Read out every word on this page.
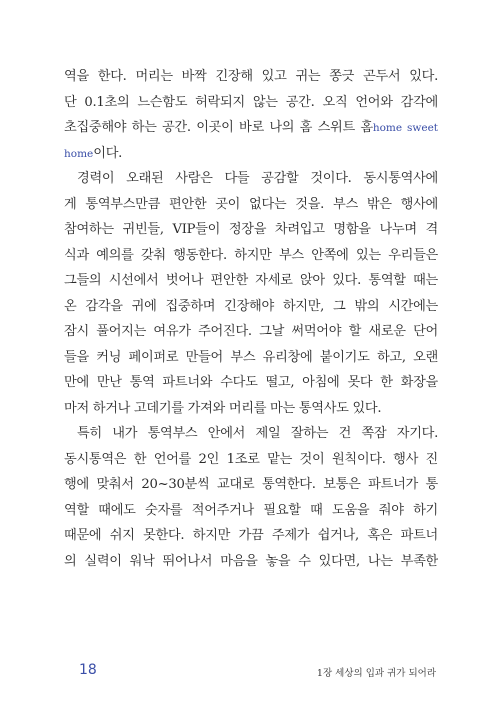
역을 한다. 머리는 바짝 긴장해 있고 귀는 쫑긋 곤두서 있다.
단 0.1초의 느슨함도 허락되지 않는 공간. 오직 언어와 감각에
초집중해야 하는 공간. 이곳이 바로 나의 홈 스위트 홈home sweet
home이다.
경력이 오래된 사람은 다들 공감할 것이다. 동시통역사에
게 통역부스만큼 편안한 곳이 없다는 것을. 부스 밖은 행사에
참여하는 귀빈들, VIP들이 정장을 차려입고 명함을 나누며 격
식과 예의를 갖춰 행동한다. 하지만 부스 안쪽에 있는 우리들은
그들의 시선에서 벗어나 편안한 자세로 앉아 있다. 통역할 때는
온 감각을 귀에 집중하며 긴장해야 하지만, 그 밖의 시간에는
잠시 풀어지는 여유가 주어진다. 그날 써먹어야 할 새로운 단어
들을 커닝 페이퍼로 만들어 부스 유리창에 붙이기도 하고, 오랜
만에 만난 통역 파트너와 수다도 떨고, 아침에 못다 한 화장을
마저 하거나 고데기를 가져와 머리를 마는 통역사도 있다.
특히 내가 통역부스 안에서 제일 잘하는 건 쪽잠 자기다.
동시통역은 한 언어를 2인 1조로 맡는 것이 원칙이다. 행사 진
행에 맞춰서 20~30분씩 교대로 통역한다. 보통은 파트너가 통
역할 때에도 숫자를 적어주거나 필요할 때 도움을 줘야 하기
때문에 쉬지 못한다. 하지만 가끔 주제가 쉽거나, 혹은 파트너
의 실력이 워낙 뛰어나서 마음을 놓을 수 있다면, 나는 부족한
18	1장 세상의 입과 귀가 되어라
